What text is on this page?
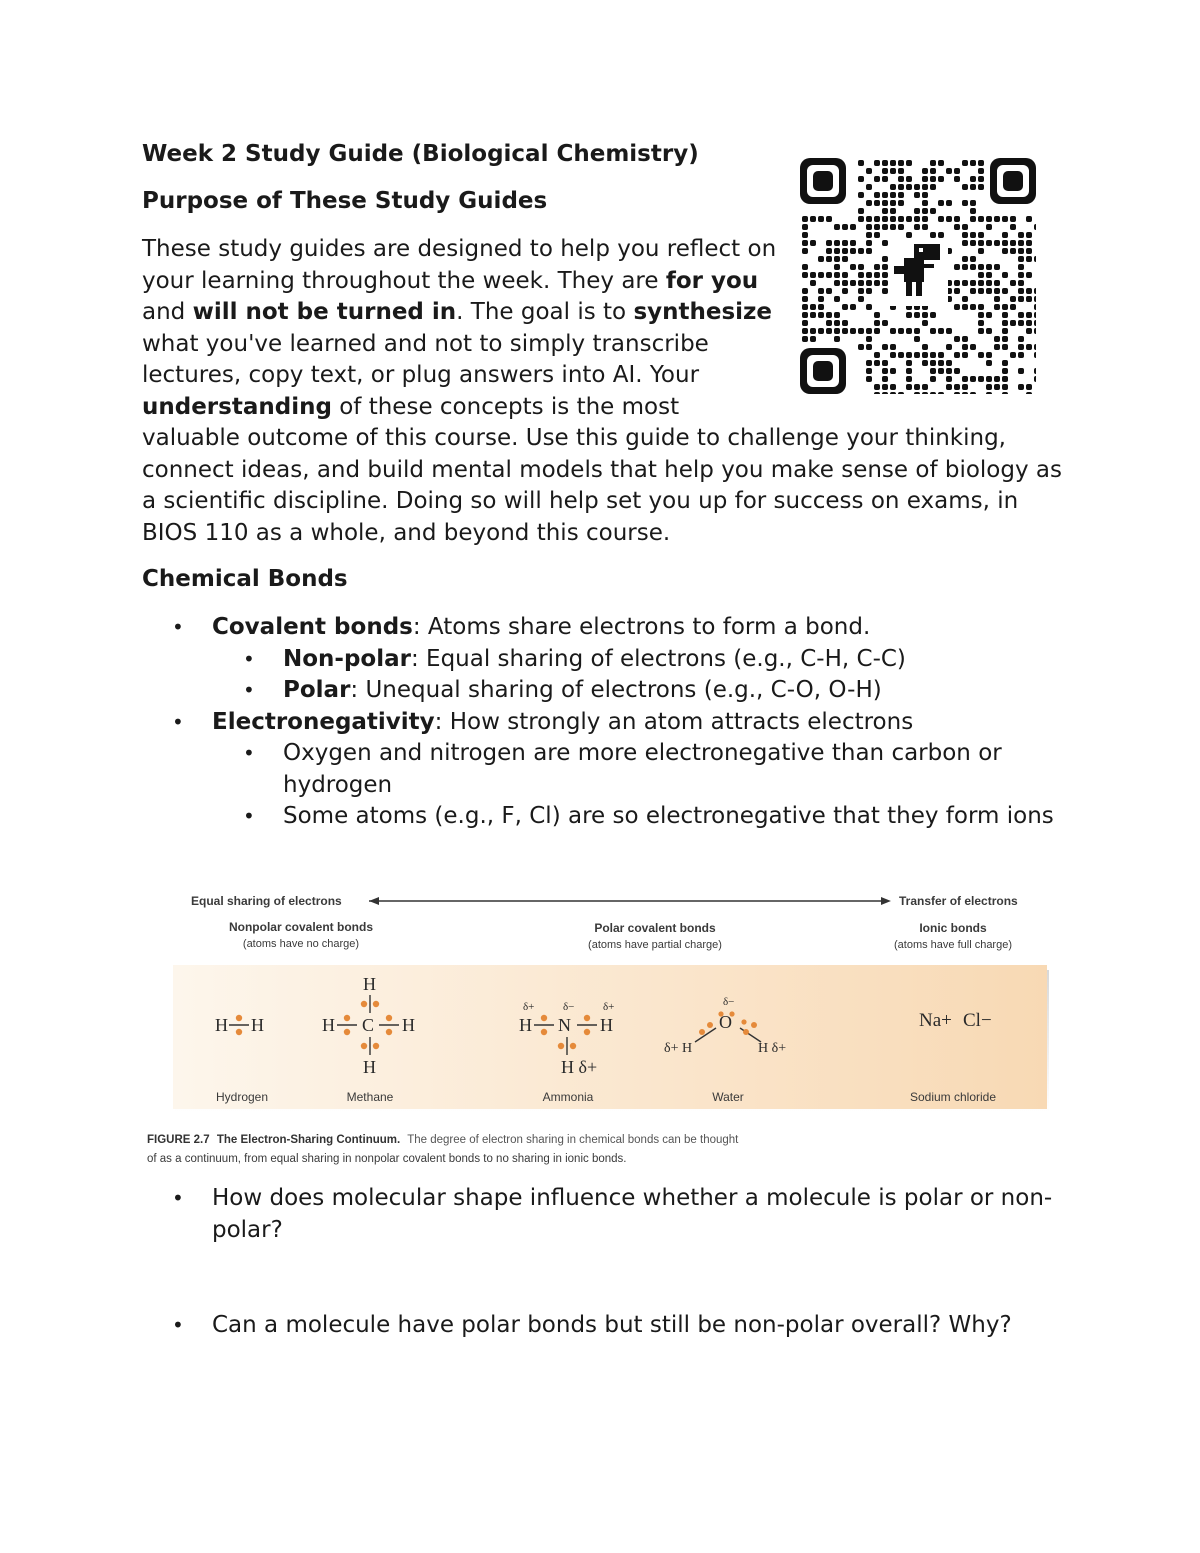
Week 2 Study Guide (Biological Chemistry)
Purpose of These Study Guides

These study guides are designed to help you reflect on your learning throughout the week. They are for you and will not be turned in. The goal is to synthesize what you've learned and not to simply transcribe lectures, copy text, or plug answers into AI. Your understanding of these concepts is the most valuable outcome of this course. Use this guide to challenge your thinking, connect ideas, and build mental models that help you make sense of biology as a scientific discipline. Doing so will help set you up for success on exams, in BIOS 110 as a whole, and beyond this course.

Chemical Bonds
• Covalent bonds: Atoms share electrons to form a bond.
• Non-polar: Equal sharing of electrons (e.g., C-H, C-C)
• Polar: Unequal sharing of electrons (e.g., C-O, O-H)
• Electronegativity: How strongly an atom attracts electrons
• Oxygen and nitrogen are more electronegative than carbon or hydrogen
• Some atoms (e.g., F, Cl) are so electronegative that they form ions
Equal sharing of electrons	Transfer of electrons
Nonpolar covalent bonds
(atoms have no charge)
Polar covalent bonds
(atoms have partial charge)
Ionic bonds
(atoms have full charge)
H H
Hydrogen
H
H C H
H
Methane
δ+	δ−	δ+
H N H
H δ+
Ammonia
δ−
O
δ+ H	H δ+
Water
Na+ Cl−
Sodium chloride
FIGURE 2.7 The Electron-Sharing Continuum. The degree of electron sharing in chemical bonds can be thought
of as a continuum, from equal sharing in nonpolar covalent bonds to no sharing in ionic bonds.
• How does molecular shape influence whether a molecule is polar or non-polar?
• Can a molecule have polar bonds but still be non-polar overall? Why?
